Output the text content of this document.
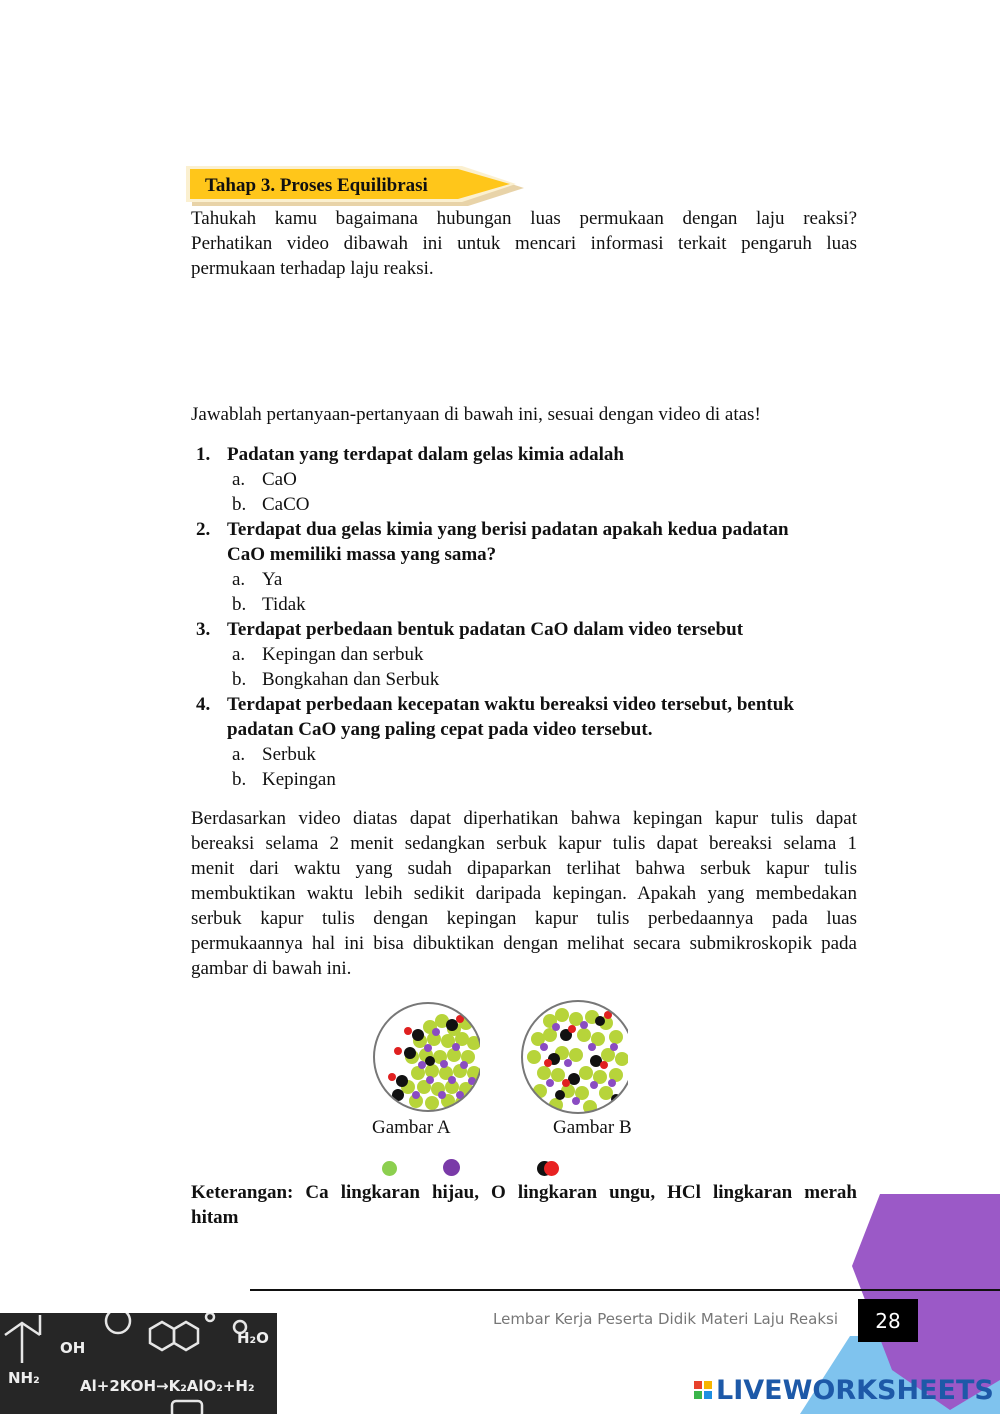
Tahap 3. Proses Equilibrasi
Tahukah kamu bagaimana hubungan luas permukaan dengan laju reaksi?
Perhatikan video dibawah ini untuk mencari informasi terkait pengaruh luas
permukaan terhadap laju reaksi.
Jawablah pertanyaan-pertanyaan di bawah ini, sesuai dengan video di atas!
1. Padatan yang terdapat dalam gelas kimia adalah
a. CaO
b. CaCO
2. Terdapat dua gelas kimia yang berisi padatan apakah kedua padatan
CaO memiliki massa yang sama?
a. Ya
b. Tidak
3. Terdapat perbedaan bentuk padatan CaO dalam video tersebut
a. Kepingan dan serbuk
b. Bongkahan dan Serbuk
4. Terdapat perbedaan kecepatan waktu bereaksi video tersebut, bentuk
padatan CaO yang paling cepat pada video tersebut.
a. Serbuk
b. Kepingan
Berdasarkan video diatas dapat diperhatikan bahwa kepingan kapur tulis dapat
bereaksi selama 2 menit sedangkan serbuk kapur tulis dapat bereaksi selama 1
menit dari waktu yang sudah dipaparkan terlihat bahwa serbuk kapur tulis
membuktikan waktu lebih sedikit daripada kepingan. Apakah yang membedakan
serbuk kapur tulis dengan kepingan kapur tulis perbedaannya pada luas
permukaannya hal ini bisa dibuktikan dengan melihat secara submikroskopik pada
gambar di bawah ini.
Gambar A	Gambar B
Keterangan: Ca lingkaran hijau, O lingkaran ungu, HCl lingkaran merah
hitam
Lembar Kerja Peserta Didik Materi Laju Reaksi	28
OH
H₂O
NH₂	Al+2KOH→K₂AlO₂+H₂	LIVEWORKSHEETS
